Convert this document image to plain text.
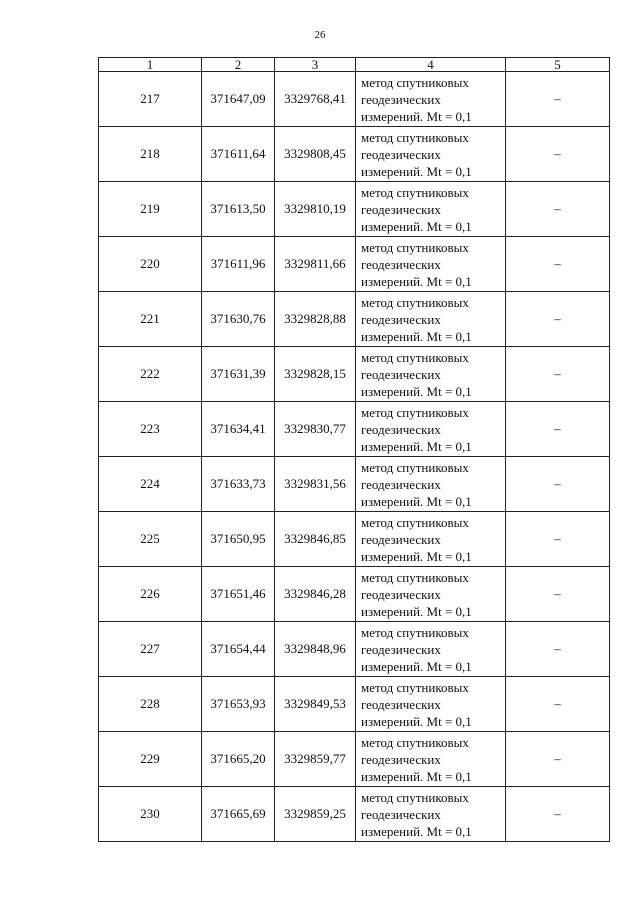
26
1	2	3	4	5
217	371647,09	3329768,41	метод спутниковых
геодезических
измерений. Mt = 0,1	–
218	371611,64	3329808,45	метод спутниковых
геодезических
измерений. Mt = 0,1	–
219	371613,50	3329810,19	метод спутниковых
геодезических
измерений. Mt = 0,1	–
220	371611,96	3329811,66	метод спутниковых
геодезических
измерений. Mt = 0,1	–
221	371630,76	3329828,88	метод спутниковых
геодезических
измерений. Mt = 0,1	–
222	371631,39	3329828,15	метод спутниковых
геодезических
измерений. Mt = 0,1	–
223	371634,41	3329830,77	метод спутниковых
геодезических
измерений. Mt = 0,1	–
224	371633,73	3329831,56	метод спутниковых
геодезических
измерений. Mt = 0,1	–
225	371650,95	3329846,85	метод спутниковых
геодезических
измерений. Mt = 0,1	–
226	371651,46	3329846,28	метод спутниковых
геодезических
измерений. Mt = 0,1	–
227	371654,44	3329848,96	метод спутниковых
геодезических
измерений. Mt = 0,1	–
228	371653,93	3329849,53	метод спутниковых
геодезических
измерений. Mt = 0,1	–
229	371665,20	3329859,77	метод спутниковых
геодезических
измерений. Mt = 0,1	–
230	371665,69	3329859,25	метод спутниковых
геодезических
измерений. Mt = 0,1	–
